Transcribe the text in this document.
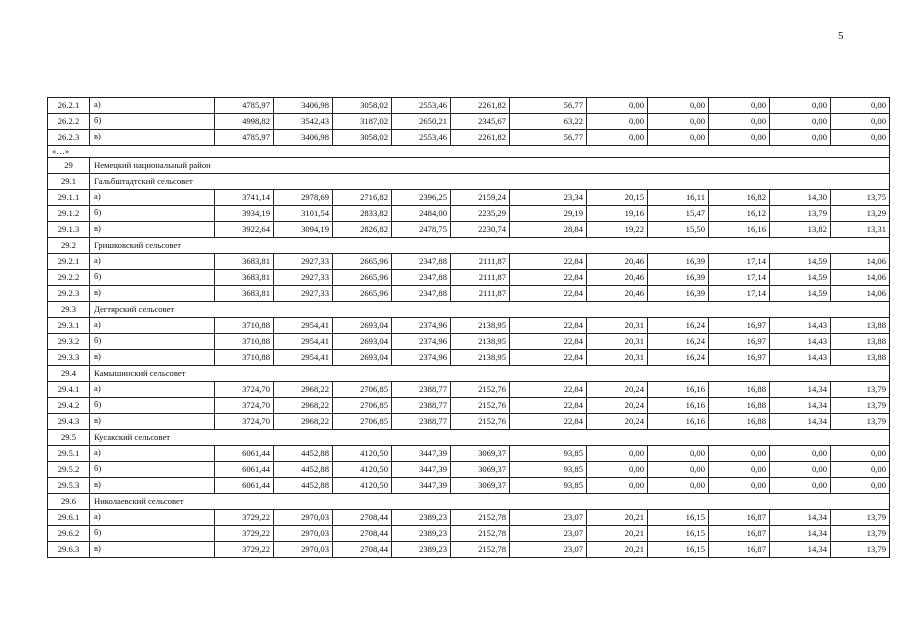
5
26.2.1	а)	4785,97	3406,98	3058,02	2553,46	2261,82	56,77	0,00	0,00	0,00	0,00	0,00
26.2.2	б)	4998,82	3542,43	3187,02	2650,21	2345,67	63,22	0,00	0,00	0,00	0,00	0,00
26.2.3	в)	4785,97	3406,98	3058,02	2553,46	2261,82	56,77	0,00	0,00	0,00	0,00	0,00
«…»												
29	Немецкий национальный район											
29.1	Гальбштадтский сельсовет											
29.1.1	а)	3741,14	2978,69	2716,82	2396,25	2159,24	23,34	20,15	16,11	16,82	14,30	13,75
29.1.2	б)	3934,19	3101,54	2833,82	2484,00	2235,29	29,19	19,16	15,47	16,12	13,79	13,29
29.1.3	в)	3922,64	3094,19	2826,82	2478,75	2230,74	28,84	19,22	15,50	16,16	13,82	13,31
29.2	Гришковский сельсовет											
29.2.1	а)	3683,81	2927,33	2665,96	2347,88	2111,87	22,84	20,46	16,39	17,14	14,59	14,06
29.2.2	б)	3683,81	2927,33	2665,96	2347,88	2111,87	22,84	20,46	16,39	17,14	14,59	14,06
29.2.3	в)	3683,81	2927,33	2665,96	2347,88	2111,87	22,84	20,46	16,39	17,14	14,59	14,06
29.3	Дегтярский сельсовет											
29.3.1	а)	3710,88	2954,41	2693,04	2374,96	2138,95	22,84	20,31	16,24	16,97	14,43	13,88
29.3.2	б)	3710,88	2954,41	2693,04	2374,96	2138,95	22,84	20,31	16,24	16,97	14,43	13,88
29.3.3	в)	3710,88	2954,41	2693,04	2374,96	2138,95	22,84	20,31	16,24	16,97	14,43	13,88
29.4	Камышинский сельсовет											
29.4.1	а)	3724,70	2968,22	2706,85	2388,77	2152,76	22,84	20,24	16,16	16,88	14,34	13,79
29.4.2	б)	3724,70	2968,22	2706,85	2388,77	2152,76	22,84	20,24	16,16	16,88	14,34	13,79
29.4.3	в)	3724,70	2968,22	2706,85	2388,77	2152,76	22,84	20,24	16,16	16,88	14,34	13,79
29.5	Кусакский сельсовет											
29.5.1	а)	6061,44	4452,88	4120,50	3447,39	3069,37	93,85	0,00	0,00	0,00	0,00	0,00
29.5.2	б)	6061,44	4452,88	4120,50	3447,39	3069,37	93,85	0,00	0,00	0,00	0,00	0,00
29.5.3	в)	6061,44	4452,88	4120,50	3447,39	3069,37	93,85	0,00	0,00	0,00	0,00	0,00
29.6	Николаевский сельсовет											
29.6.1	а)	3729,22	2970,03	2708,44	2389,23	2152,78	23,07	20,21	16,15	16,87	14,34	13,79
29.6.2	б)	3729,22	2970,03	2708,44	2389,23	2152,78	23,07	20,21	16,15	16,87	14,34	13,79
29.6.3	в)	3729,22	2970,03	2708,44	2389,23	2152,78	23,07	20,21	16,15	16,87	14,34	13,79
